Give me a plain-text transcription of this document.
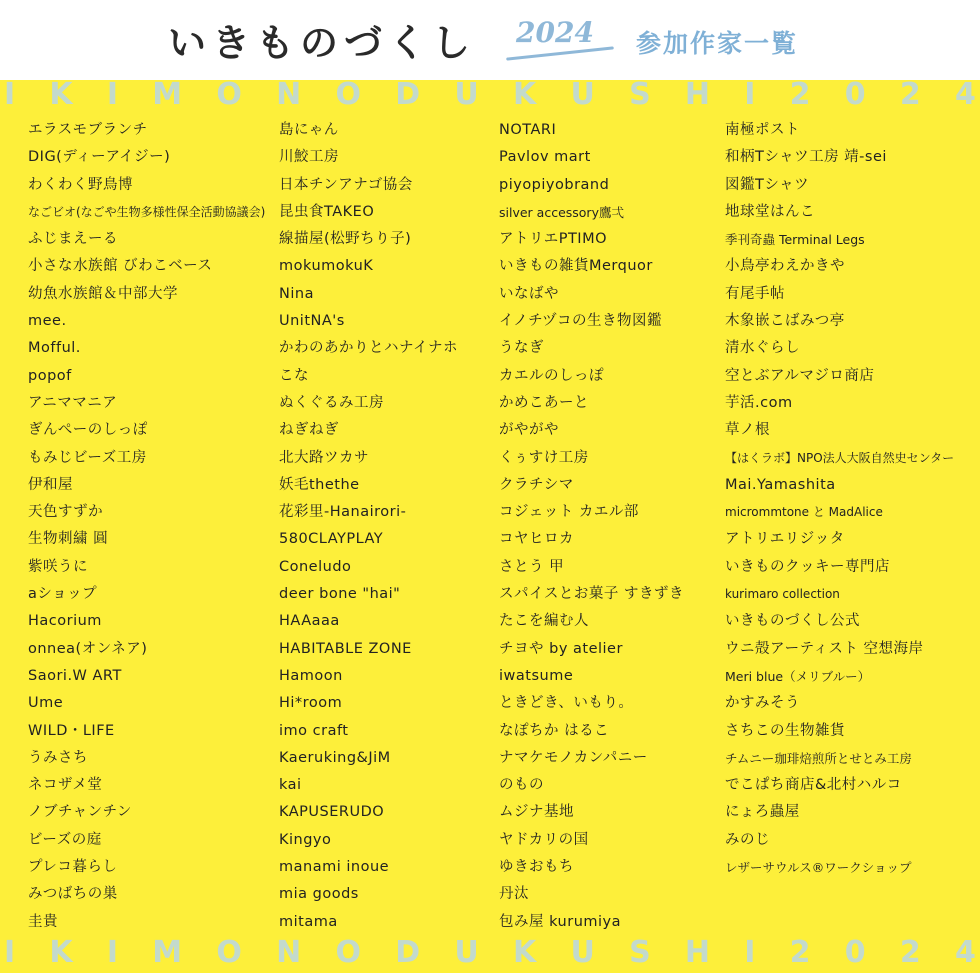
いきものづくし 2024 参加作家一覧
I K I M O N O D U K U S H I 2 0 2 4
I K I M O N O D U K U S H I 2 0 2 4
エラスモブランチ
DIG(ディーアイジー)
わくわく野鳥博
なごビオ(なごや生物多様性保全活動協議会)
ふじまえーる
小さな水族館 びわこベース
幼魚水族館＆中部大学
mee.
Mofful.
popof
アニママニア
ぎんぺーのしっぽ
もみじビーズ工房
伊和屋
天色すずか
生物刺繍 圓
紫咲うに
aショップ
Hacorium
onnea(オンネア)
Saori.W ART
Ume
WILD・LIFE
うみさち
ネコザメ堂
ノブチャンチン
ビーズの庭
プレコ暮らし
みつばちの巣
圭貴
島にゃん
川鮫工房
日本チンアナゴ協会
昆虫食TAKEO
線描屋(松野ちり子)
mokumokuK
Nina
UnitNA's
かわのあかりとハナイナホ
こな
ぬくぐるみ工房
ねぎねぎ
北大路ツカサ
妖毛thethe
花彩里-Hanairori-
580CLAYPLAY
Coneludo
deer bone "hai"
HAAaaa
HABITABLE ZONE
Hamoon
Hi*room
imo craft
Kaeruking&JiM
kai
KAPUSERUDO
Kingyo
manami inoue
mia goods
mitama
NOTARI
Pavlov mart
piyopiyobrand
silver accessory鷹弌
アトリエPTIMO
いきもの雑貨Merquor
いなばや
イノチヅコの生き物図鑑
うなぎ
カエルのしっぽ
かめこあーと
がやがや
くぅすけ工房
クラチシマ
コジェット カエル部
コヤヒロカ
さとう 甲
スパイスとお菓子 すきずき
たこを編む人
チヨや by atelier
iwatsume
ときどき、いもり。
なぽちか はるこ
ナマケモノカンパニー
のもの
ムジナ基地
ヤドカリの国
ゆきおもち
丹汰
包み屋 kurumiya
南極ポスト
和柄Tシャツ工房 靖-sei
図鑑Tシャツ
地球堂はんこ
季刊奇蟲 Terminal Legs
小鳥亭わえかきや
有尾手帖
木象嵌こばみつ亭
清水ぐらし
空とぶアルマジロ商店
芋活.com
草ノ根
【はくラボ】NPO法人大阪自然史センター
Mai.Yamashita
micrommtone と MadAlice
アトリエリジッタ
いきものクッキー専門店
kurimaro collection
いきものづくし公式
ウニ殻アーティスト 空想海岸
Meri blue（メリブルー）
かすみそう
さちこの生物雑貨
チムニー珈琲焙煎所とせとみ工房
でこぱち商店&北村ハルコ
にょろ蟲屋
みのじ
レザーサウルス®ワークショップ
